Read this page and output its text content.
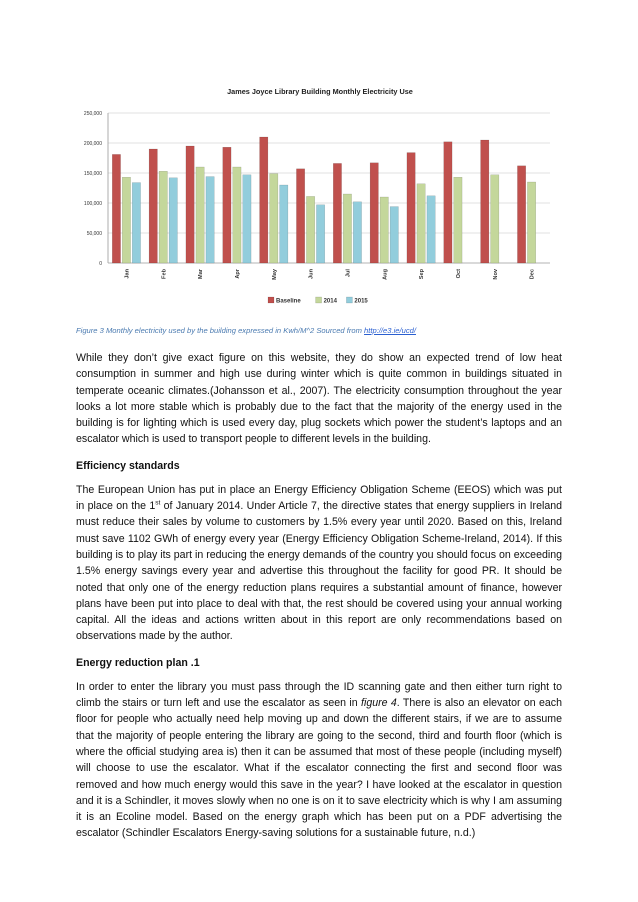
James Joyce Library Building Monthly Electricity Use
0
50,000
100,000
150,000
200,000
250,000
Jan	Feb	Mar	Apr	May	Jun	Jul	Aug	Sep	Oct	Nov	Dec
Baseline	2014	2015
Figure 3 Monthly electricity used by the building expressed in Kwh/M^2 Sourced from http://e3.ie/ucd/

While they don’t give exact figure on this website, they do show an expected trend of low heat consumption in summer and high use during winter which is quite common in buildings situated in temperate oceanic climates.(Johansson et al., 2007). The electricity consumption throughout the year looks a lot more stable which is probably due to the fact that the majority of the energy used in the building is for lighting which is used every day, plug sockets which power the student’s laptops and an escalator which is used to transport people to different levels in the building.

Efficiency standards

The European Union has put in place an Energy Efficiency Obligation Scheme (EEOS) which was put in place on the 1st of January 2014. Under Article 7, the directive states that energy suppliers in Ireland must reduce their sales by volume to customers by 1.5% every year until 2020. Based on this, Ireland must save 1102 GWh of energy every year (Energy Efficiency Obligation Scheme-Ireland, 2014). If this building is to play its part in reducing the energy demands of the country you should focus on exceeding 1.5% energy savings every year and advertise this throughout the facility for good PR. It should be noted that only one of the energy reduction plans requires a substantial amount of finance, however plans have been put into place to deal with that, the rest should be covered using your annual working capital. All the ideas and actions written about in this report are only recommendations based on observations made by the author.

Energy reduction plan .1

In order to enter the library you must pass through the ID scanning gate and then either turn right to climb the stairs or turn left and use the escalator as seen in figure 4. There is also an elevator on each floor for people who actually need help moving up and down the different stairs, if we are to assume that the majority of people entering the library are going to the second, third and fourth floor (which is where the official studying area is) then it can be assumed that most of these people (including myself) will choose to use the escalator. What if the escalator connecting the first and second floor was removed and how much energy would this save in the year? I have looked at the escalator in question and it is a Schindler, it moves slowly when no one is on it to save electricity which is why I am assuming it is an Ecoline model. Based on the energy graph which has been put on a PDF advertising the escalator (Schindler Escalators Energy-saving solutions for a sustainable future, n.d.)
